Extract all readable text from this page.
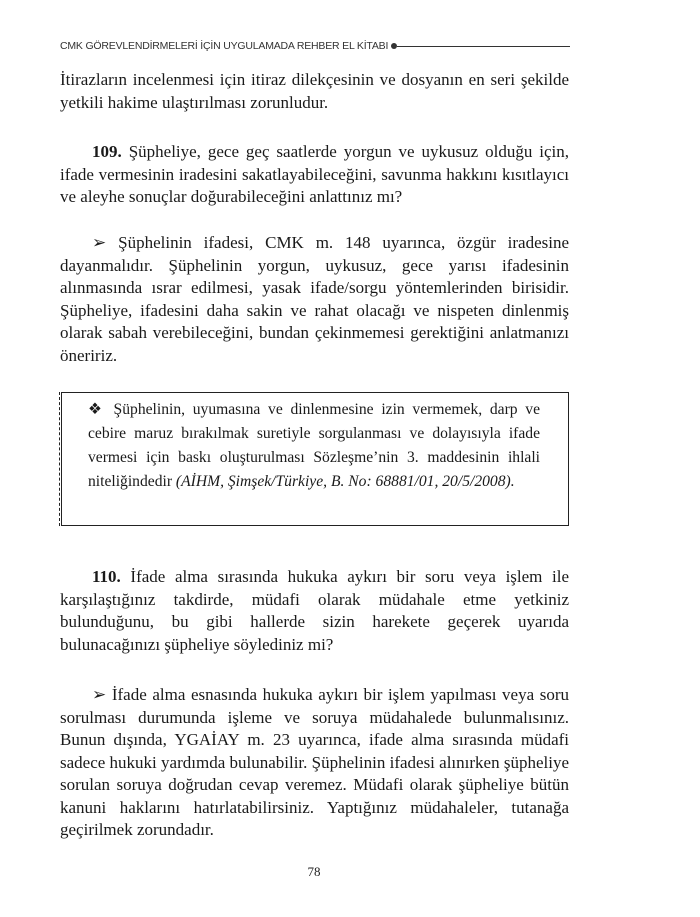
CMK GÖREVLENDİRMELERİ İÇİN UYGULAMADA REHBER EL KİTABI

İtirazların incelenmesi için itiraz dilekçesinin ve dosyanın en seri şekilde yetkili hakime ulaştırılması zorunludur.

109. Şüpheliye, gece geç saatlerde yorgun ve uykusuz olduğu için, ifade vermesinin iradesini sakatlayabileceğini, savunma hakkını kısıtlayıcı ve aleyhe sonuçlar doğurabileceğini anlattınız mı?

➢ Şüphelinin ifadesi, CMK m. 148 uyarınca, özgür iradesine dayanmalıdır. Şüphelinin yorgun, uykusuz, gece yarısı ifadesinin alınmasında ısrar edilmesi, yasak ifade/sorgu yöntemlerinden birisidir. Şüpheliye, ifadesini daha sakin ve rahat olacağı ve nispeten dinlenmiş olarak sabah verebileceğini, bundan çekinmemesi gerektiğini anlatmanızı öneririz.

❖ Şüphelinin, uyumasına ve dinlenmesine izin vermemek, darp ve cebire maruz bırakılmak suretiyle sorgulanması ve dolayısıyla ifade vermesi için baskı oluşturulması Sözleşme’nin 3. maddesinin ihlali niteliğindedir (AİHM, Şimşek/Türkiye, B. No: 68881/01, 20/5/2008).

110. İfade alma sırasında hukuka aykırı bir soru veya işlem ile karşılaştığınız takdirde, müdafi olarak müdahale etme yetkiniz bulunduğunu, bu gibi hallerde sizin harekete geçerek uyarıda bulunacağınızı şüpheliye söylediniz mi?

➢ İfade alma esnasında hukuka aykırı bir işlem yapılması veya soru sorulması durumunda işleme ve soruya müdahalede bulunmalısınız. Bunun dışında, YGAİAY m. 23 uyarınca, ifade alma sırasında müdafi sadece hukuki yardımda bulunabilir. Şüphelinin ifadesi alınırken şüpheliye sorulan soruya doğrudan cevap veremez. Müdafi olarak şüpheliye bütün kanuni haklarını hatırlatabilirsiniz. Yaptığınız müdahaleler, tutanağa geçirilmek zorundadır.

78
